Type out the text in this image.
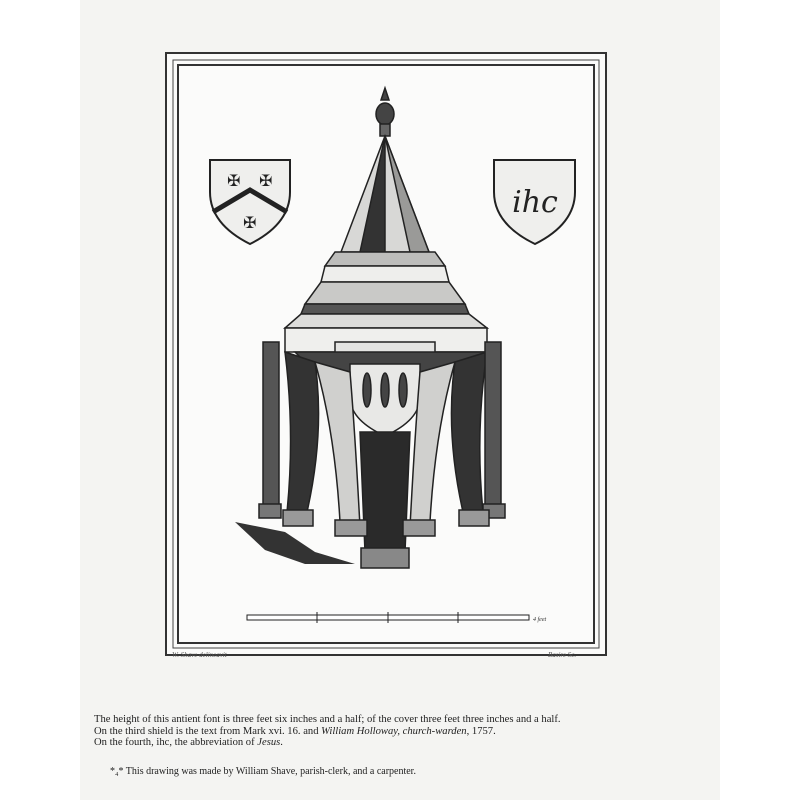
✠ ✠
✠
ihc
4 feet
W. Shave delineavit	Basire Sc.
The height of this antient font is three feet six inches and a half; of the cover three feet three inches and a half.
On the third shield is the text from Mark xvi. 16. and William Holloway, church-warden, 1757.
On the fourth, ihc, the abbreviation of Jesus.
*₄* This drawing was made by William Shave, parish-clerk, and a carpenter.
